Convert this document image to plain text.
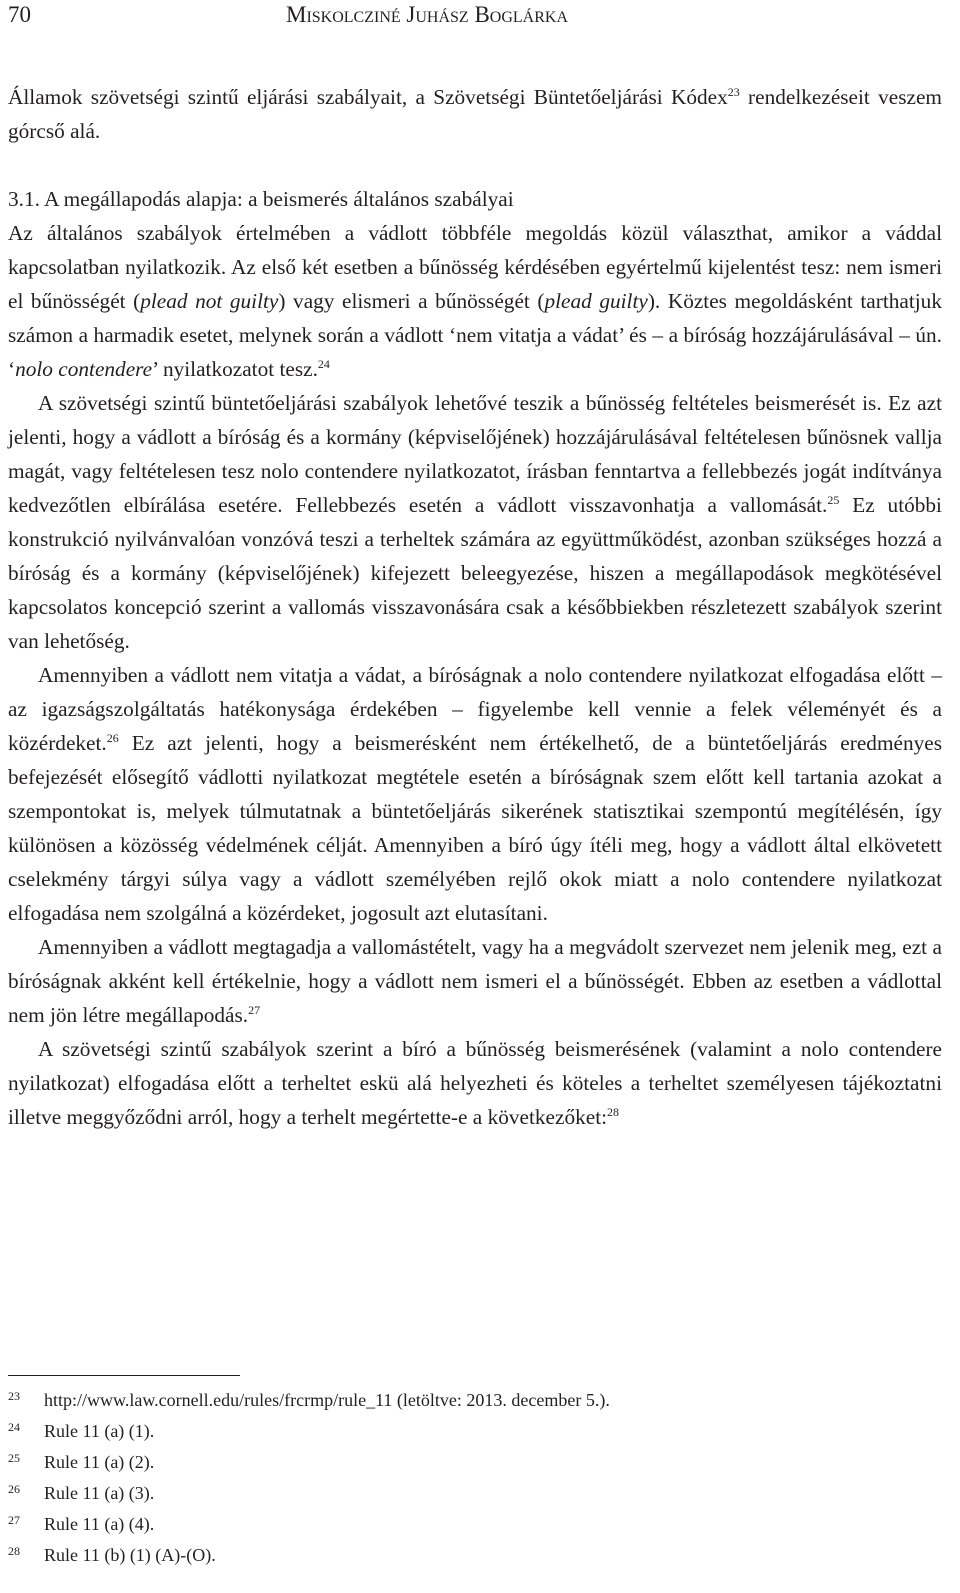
70	Miskolcziné Juhász Boglárka

Államok szövetségi szintű eljárási szabályait, a Szövetségi Büntetőeljárási Kódex$^{23}$ rendelkezéseit veszem górcső alá.

3.1. A megállapodás alapja: a beismerés általános szabályai

Az általános szabályok értelmében a vádlott többféle megoldás közül választhat, amikor a váddal kapcsolatban nyilatkozik. Az első két esetben a bűnösség kérdésében egyértelmű kijelentést tesz: nem ismeri el bűnösségét (plead not guilty) vagy elismeri a bűnösségét (plead guilty). Köztes megoldásként tarthatjuk számon a harmadik esetet, melynek során a vádlott ‘nem vitatja a vádat’ és – a bíróság hozzájárulásával – ún. ‘nolo contendere’ nyilatkozatot tesz.$^{24}$

A szövetségi szintű büntetőeljárási szabályok lehetővé teszik a bűnösség feltételes beismerését is. Ez azt jelenti, hogy a vádlott a bíróság és a kormány (képviselőjének) hozzájárulásával feltételesen bűnösnek vallja magát, vagy feltételesen tesz nolo contendere nyilatkozatot, írásban fenntartva a fellebbezés jogát indítványa kedvezőtlen elbírálása esetére. Fellebbezés esetén a vádlott visszavonhatja a vallomását.$^{25}$ Ez utóbbi konstrukció nyilvánvalóan vonzóvá teszi a terheltek számára az együttműködést, azonban szükséges hozzá a bíróság és a kormány (képviselőjének) kifejezett beleegyezése, hiszen a megállapodások megkötésével kapcsolatos koncepció szerint a vallomás visszavonására csak a későbbiekben részletezett szabályok szerint van lehetőség.

Amennyiben a vádlott nem vitatja a vádat, a bíróságnak a nolo contendere nyilatkozat elfogadása előtt – az igazságszolgáltatás hatékonysága érdekében – figyelembe kell vennie a felek véleményét és a közérdeket.$^{26}$ Ez azt jelenti, hogy a beismerésként nem értékelhető, de a büntetőeljárás eredményes befejezését elősegítő vádlotti nyilatkozat megtétele esetén a bíróságnak szem előtt kell tartania azokat a szempontokat is, melyek túlmutatnak a büntetőeljárás sikerének statisztikai szempontú megítélésén, így különösen a közösség védelmének célját. Amennyiben a bíró úgy ítéli meg, hogy a vádlott által elkövetett cselekmény tárgyi súlya vagy a vádlott személyében rejlő okok miatt a nolo contendere nyilatkozat elfogadása nem szolgálná a közérdeket, jogosult azt elutasítani.

Amennyiben a vádlott megtagadja a vallomástételt, vagy ha a megvádolt szervezet nem jelenik meg, ezt a bíróságnak akként kell értékelnie, hogy a vádlott nem ismeri el a bűnösségét. Ebben az esetben a vádlottal nem jön létre megállapodás.$^{27}$

A szövetségi szintű szabályok szerint a bíró a bűnösség beismerésének (valamint a nolo contendere nyilatkozat) elfogadása előtt a terheltet eskü alá helyezheti és köteles a terheltet személyesen tájékoztatni illetve meggyőződni arról, hogy a terhelt megértette-e a következőket:$^{28}$

23 http://www.law.cornell.edu/rules/frcrmp/rule_11 (letöltve: 2013. december 5.).
24 Rule 11 (a) (1).
25 Rule 11 (a) (2).
26 Rule 11 (a) (3).
27 Rule 11 (a) (4).
28 Rule 11 (b) (1) (A)-(O).
